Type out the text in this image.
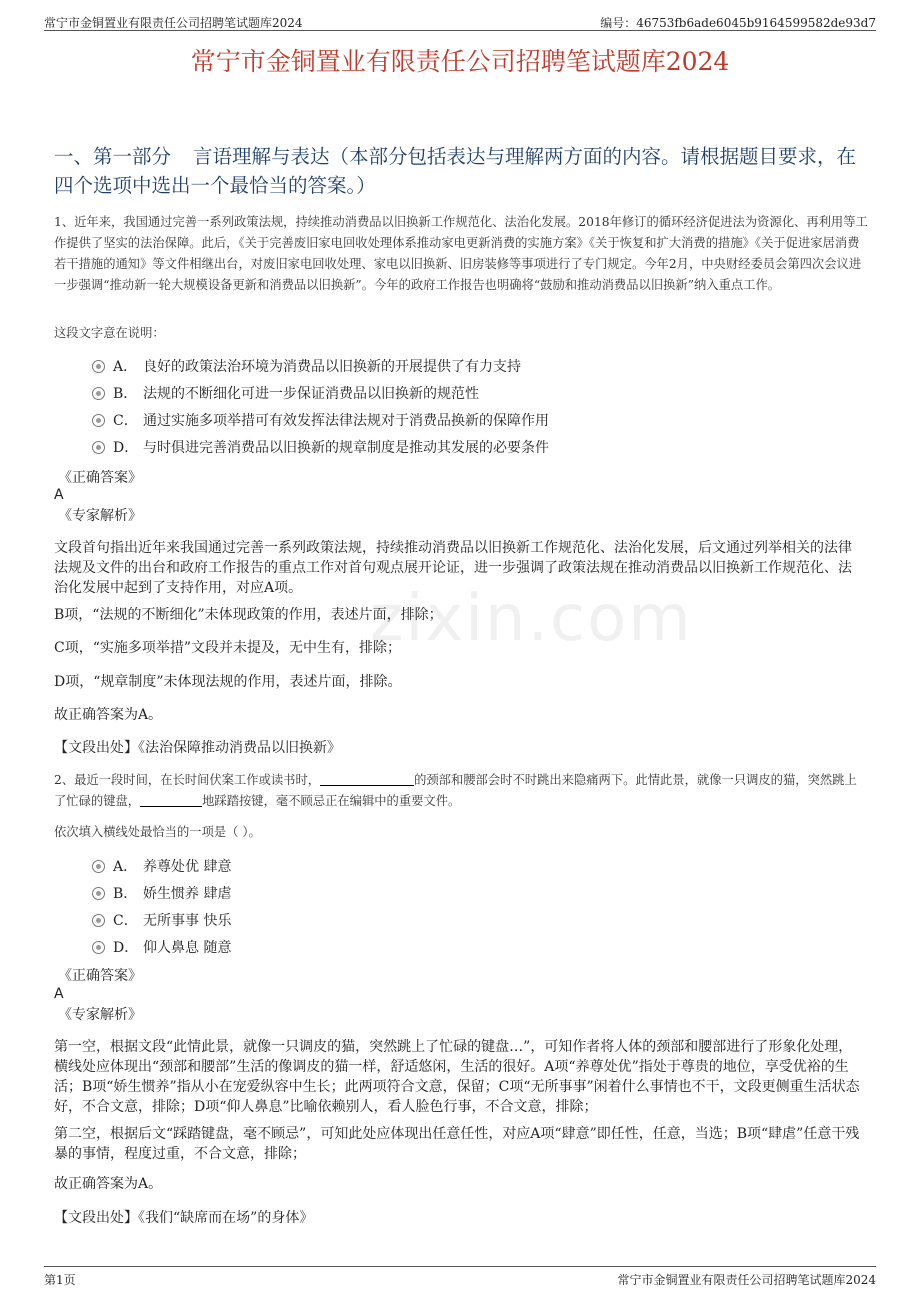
常宁市金铜置业有限责任公司招聘笔试题库2024	编号：46753fb6ade6045b9164599582de93d7
常宁市金铜置业有限责任公司招聘笔试题库2024
一、第一部分 言语理解与表达（本部分包括表达与理解两方面的内容。请根据题目要求，在四个选项中选出一个最恰当的答案。）

1、近年来，我国通过完善一系列政策法规，持续推动消费品以旧换新工作规范化、法治化发展。2018年修订的循环经济促进法为资源化、再利用等工作提供了坚实的法治保障。此后，《关于完善废旧家电回收处理体系推动家电更新消费的实施方案》《关于恢复和扩大消费的措施》《关于促进家居消费若干措施的通知》等文件相继出台，对废旧家电回收处理、家电以旧换新、旧房装修等事项进行了专门规定。今年2月，中央财经委员会第四次会议进一步强调“推动新一轮大规模设备更新和消费品以旧换新”。今年的政府工作报告也明确将“鼓励和推动消费品以旧换新”纳入重点工作。

这段文字意在说明：

A． 良好的政策法治环境为消费品以旧换新的开展提供了有力支持
B． 法规的不断细化可进一步保证消费品以旧换新的规范性
C． 通过实施多项举措可有效发挥法律法规对于消费品换新的保障作用
D． 与时俱进完善消费品以旧换新的规章制度是推动其发展的必要条件

《正确答案》

A

《专家解析》

文段首句指出近年来我国通过完善一系列政策法规，持续推动消费品以旧换新工作规范化、法治化发展，后文通过列举相关的法律法规及文件的出台和政府工作报告的重点工作对首句观点展开论证，进一步强调了政策法规在推动消费品以旧换新工作规范化、法治化发展中起到了支持作用，对应A项。

B项，“法规的不断细化”未体现政策的作用，表述片面，排除；

C项，“实施多项举措”文段并未提及，无中生有，排除；

D项，“规章制度”未体现法规的作用，表述片面，排除。

故正确答案为A。

【文段出处】《法治保障推动消费品以旧换新》

zixin.com

2、最近一段时间，在长时间伏案工作或读书时，	的颈部和腰部会时不时跳出来隐痛两下。此情此景，就像一只调皮的猫，突然跳上了忙碌的键盘，	地踩踏按键，毫不顾忌正在编辑中的重要文件。

依次填入横线处最恰当的一项是（ ）。

A． 养尊处优 肆意
B． 娇生惯养 肆虐
C． 无所事事 快乐
D． 仰人鼻息 随意

《正确答案》

A

《专家解析》

第一空，根据文段“此情此景，就像一只调皮的猫，突然跳上了忙碌的键盘…”，可知作者将人体的颈部和腰部进行了形象化处理，横线处应体现出“颈部和腰部”生活的像调皮的猫一样，舒适悠闲，生活的很好。A项“养尊处优”指处于尊贵的地位，享受优裕的生活；B项“娇生惯养”指从小在宠爱纵容中生长；此两项符合文意，保留；C项“无所事事”闲着什么事情也不干，文段更侧重生活状态好，不合文意，排除；D项“仰人鼻息”比喻依赖别人，看人脸色行事，不合文意，排除；

第二空，根据后文“踩踏键盘，毫不顾忌”，可知此处应体现出任意任性，对应A项“肆意”即任性，任意，当选；B项“肆虐”任意干残暴的事情，程度过重，不合文意，排除；

故正确答案为A。

【文段出处】《我们“缺席而在场”的身体》

第1页	常宁市金铜置业有限责任公司招聘笔试题库2024
